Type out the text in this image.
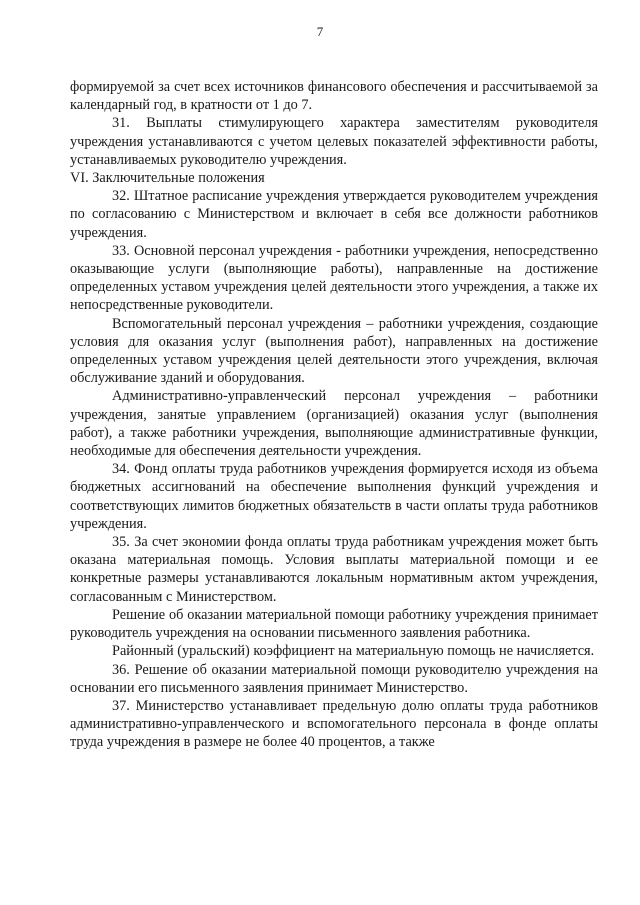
7

формируемой за счет всех источников финансового обеспечения и рассчитываемой за календарный год, в кратности от 1 до 7.

31. Выплаты стимулирующего характера заместителям руководителя учреждения устанавливаются с учетом целевых показателей эффективности работы, устанавливаемых руководителю учреждения.

VI. Заключительные положения

32. Штатное расписание учреждения утверждается руководителем учреждения по согласованию с Министерством и включает в себя все должности работников учреждения.

33. Основной персонал учреждения - работники учреждения, непосредственно оказывающие услуги (выполняющие работы), направленные на достижение определенных уставом учреждения целей деятельности этого учреждения, а также их непосредственные руководители.

Вспомогательный персонал учреждения – работники учреждения, создающие условия для оказания услуг (выполнения работ), направленных на достижение определенных уставом учреждения целей деятельности этого учреждения, включая обслуживание зданий и оборудования.

Административно-управленческий персонал учреждения – работники учреждения, занятые управлением (организацией) оказания услуг (выполнения работ), а также работники учреждения, выполняющие административные функции, необходимые для обеспечения деятельности учреждения.

34. Фонд оплаты труда работников учреждения формируется исходя из объема бюджетных ассигнований на обеспечение выполнения функций учреждения и соответствующих лимитов бюджетных обязательств в части оплаты труда работников учреждения.

35. За счет экономии фонда оплаты труда работникам учреждения может быть оказана материальная помощь. Условия выплаты материальной помощи и ее конкретные размеры устанавливаются локальным нормативным актом учреждения, согласованным с Министерством.

Решение об оказании материальной помощи работнику учреждения принимает руководитель учреждения на основании письменного заявления работника.

Районный (уральский) коэффициент на материальную помощь не начисляется.

36. Решение об оказании материальной помощи руководителю учреждения на основании его письменного заявления принимает Министерство.

37. Министерство устанавливает предельную долю оплаты труда работников административно-управленческого и вспомогательного персонала в фонде оплаты труда учреждения в размере не более 40 процентов, а также
